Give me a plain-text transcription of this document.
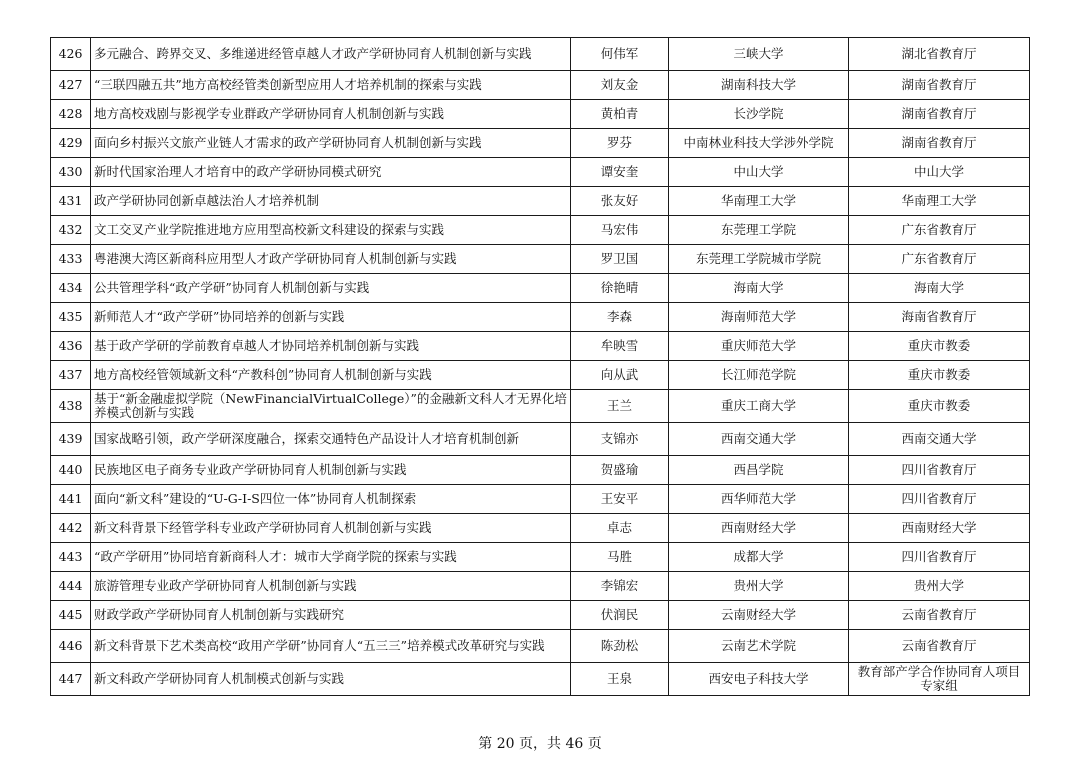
426	多元融合、跨界交叉、多维递进经管卓越人才政产学研协同育人机制创新与实践	何伟军	三峡大学	湖北省教育厅
427	“三联四融五共”地方高校经管类创新型应用人才培养机制的探索与实践	刘友金	湖南科技大学	湖南省教育厅
428	地方高校戏剧与影视学专业群政产学研协同育人机制创新与实践	黄柏青	长沙学院	湖南省教育厅
429	面向乡村振兴文旅产业链人才需求的政产学研协同育人机制创新与实践	罗芬	中南林业科技大学涉外学院	湖南省教育厅
430	新时代国家治理人才培育中的政产学研协同模式研究	谭安奎	中山大学	中山大学
431	政产学研协同创新卓越法治人才培养机制	张友好	华南理工大学	华南理工大学
432	文工交叉产业学院推进地方应用型高校新文科建设的探索与实践	马宏伟	东莞理工学院	广东省教育厅
433	粤港澳大湾区新商科应用型人才政产学研协同育人机制创新与实践	罗卫国	东莞理工学院城市学院	广东省教育厅
434	公共管理学科“政产学研”协同育人机制创新与实践	徐艳晴	海南大学	海南大学
435	新师范人才“政产学研”协同培养的创新与实践	李森	海南师范大学	海南省教育厅
436	基于政产学研的学前教育卓越人才协同培养机制创新与实践	牟映雪	重庆师范大学	重庆市教委
437	地方高校经管领域新文科“产教科创”协同育人机制创新与实践	向从武	长江师范学院	重庆市教委
438	基于“新金融虚拟学院（NewFinancialVirtualCollege）”的金融新文科人才无界化培养模式创新与实践	王兰	重庆工商大学	重庆市教委
439	国家战略引领，政产学研深度融合，探索交通特色产品设计人才培育机制创新	支锦亦	西南交通大学	西南交通大学
440	民族地区电子商务专业政产学研协同育人机制创新与实践	贺盛瑜	西昌学院	四川省教育厅
441	面向“新文科”建设的“U-G-I-S四位一体”协同育人机制探索	王安平	西华师范大学	四川省教育厅
442	新文科背景下经管学科专业政产学研协同育人机制创新与实践	卓志	西南财经大学	西南财经大学
443	“政产学研用”协同培育新商科人才：城市大学商学院的探索与实践	马胜	成都大学	四川省教育厅
444	旅游管理专业政产学研协同育人机制创新与实践	李锦宏	贵州大学	贵州大学
445	财政学政产学研协同育人机制创新与实践研究	伏润民	云南财经大学	云南省教育厅
446	新文科背景下艺术类高校“政用产学研”协同育人“五三三”培养模式改革研究与实践	陈劲松	云南艺术学院	云南省教育厅
447	新文科政产学研协同育人机制模式创新与实践	王泉	西安电子科技大学	教育部产学合作协同育人项目专家组
第 20 页，共 46 页
